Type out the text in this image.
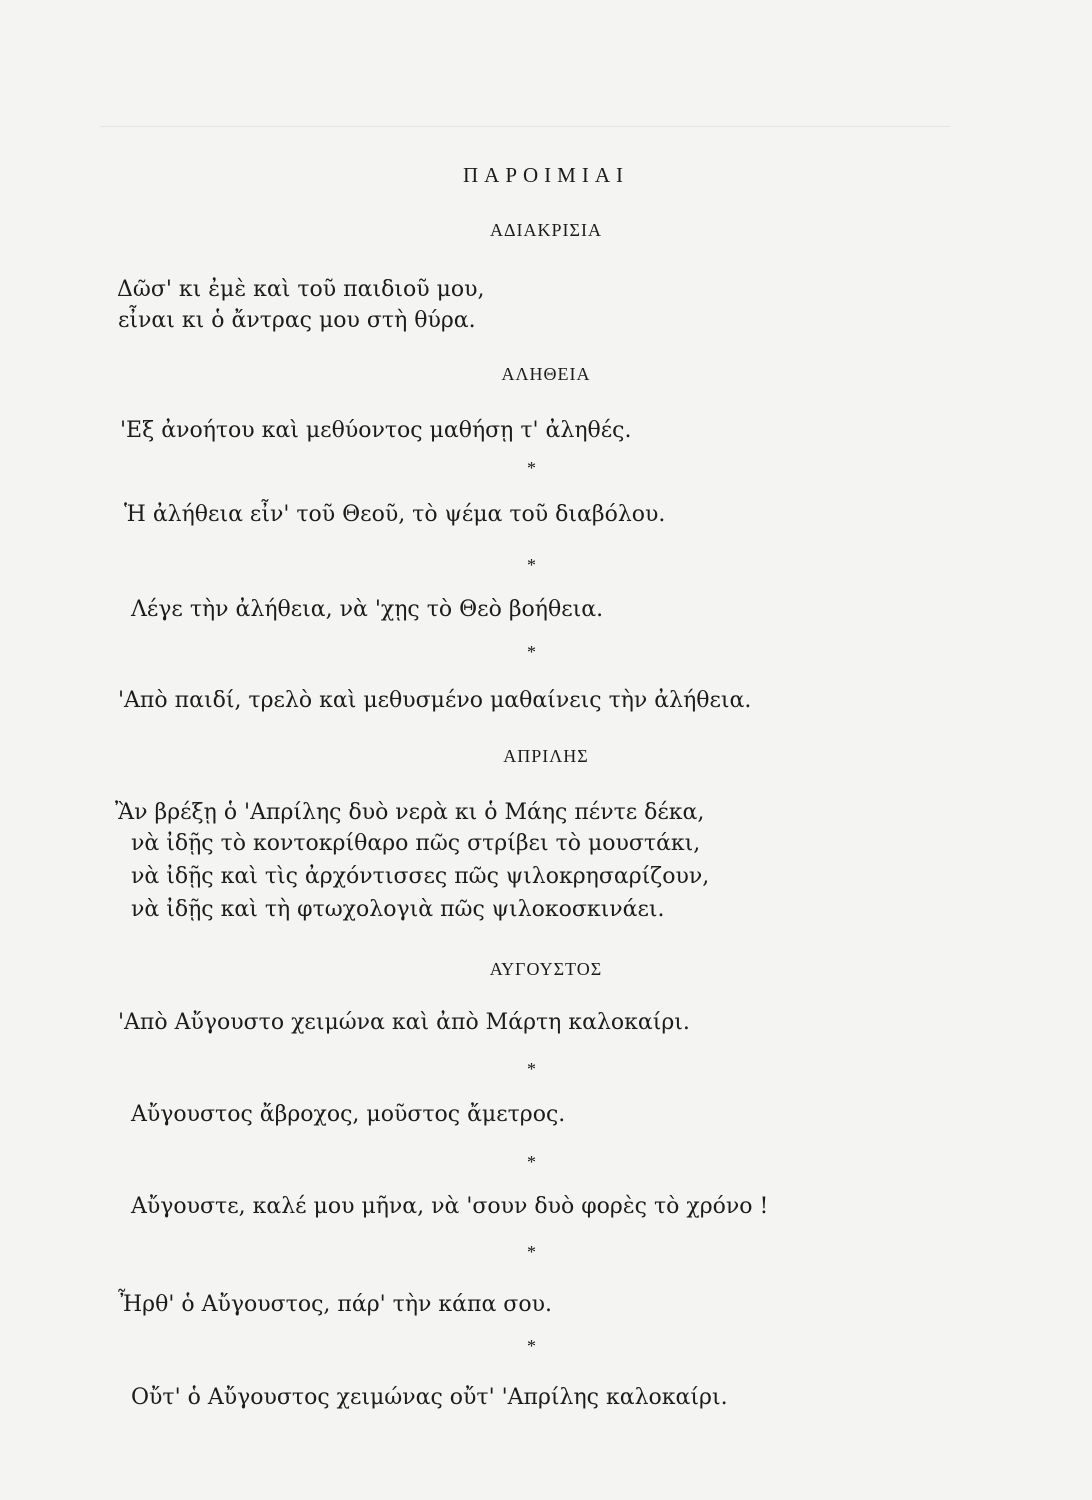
ΠΑΡΟΙΜΙΑΙ
ΑΔΙΑΚΡΙΣΙΑ
Δῶσ' κι ἐμὲ καὶ τοῦ παιδιοῦ μου,
εἶναι κι ὁ ἄντρας μου στὴ θύρα.
ΑΛΗΘΕΙΑ
'Εξ ἀνοήτου καὶ μεθύοντος μαθήσῃ τ' ἀληθές.
*
Ἡ ἀλήθεια εἶν' τοῦ Θεοῦ, τὸ ψέμα τοῦ διαβόλου.
*
Λέγε τὴν ἀλήθεια, νὰ 'χῃς τὸ Θεὸ βοήθεια.
*
'Απὸ παιδί, τρελὸ καὶ μεθυσμένο μαθαίνεις τὴν ἀλήθεια.
ΑΠΡΙΛΗΣ
Ἂν βρέξῃ ὁ 'Απρίλης δυὸ νερὰ κι ὁ Μάης πέντε δέκα,
νὰ ἰδῇς τὸ κοντοκρίθαρο πῶς στρίβει τὸ μουστάκι,
νὰ ἰδῇς καὶ τὶς ἀρχόντισσες πῶς ψιλοκρησαρίζουν,
νὰ ἰδῇς καὶ τὴ φτωχολογιὰ πῶς ψιλοκοσκινάει.
ΑΥΓΟΥΣΤΟΣ
'Απὸ Αὔγουστο χειμώνα καὶ ἀπὸ Μάρτη καλοκαίρι.
*
Αὔγουστος ἄβροχος, μοῦστος ἄμετρος.
*
Αὔγουστε, καλέ μου μῆνα, νὰ 'σουν δυὸ φορὲς τὸ χρόνο !
*
Ἦρθ' ὁ Αὔγουστος, πάρ' τὴν κάπα σου.
*
Οὔτ' ὁ Αὔγουστος χειμώνας οὔτ' 'Απρίλης καλοκαίρι.
